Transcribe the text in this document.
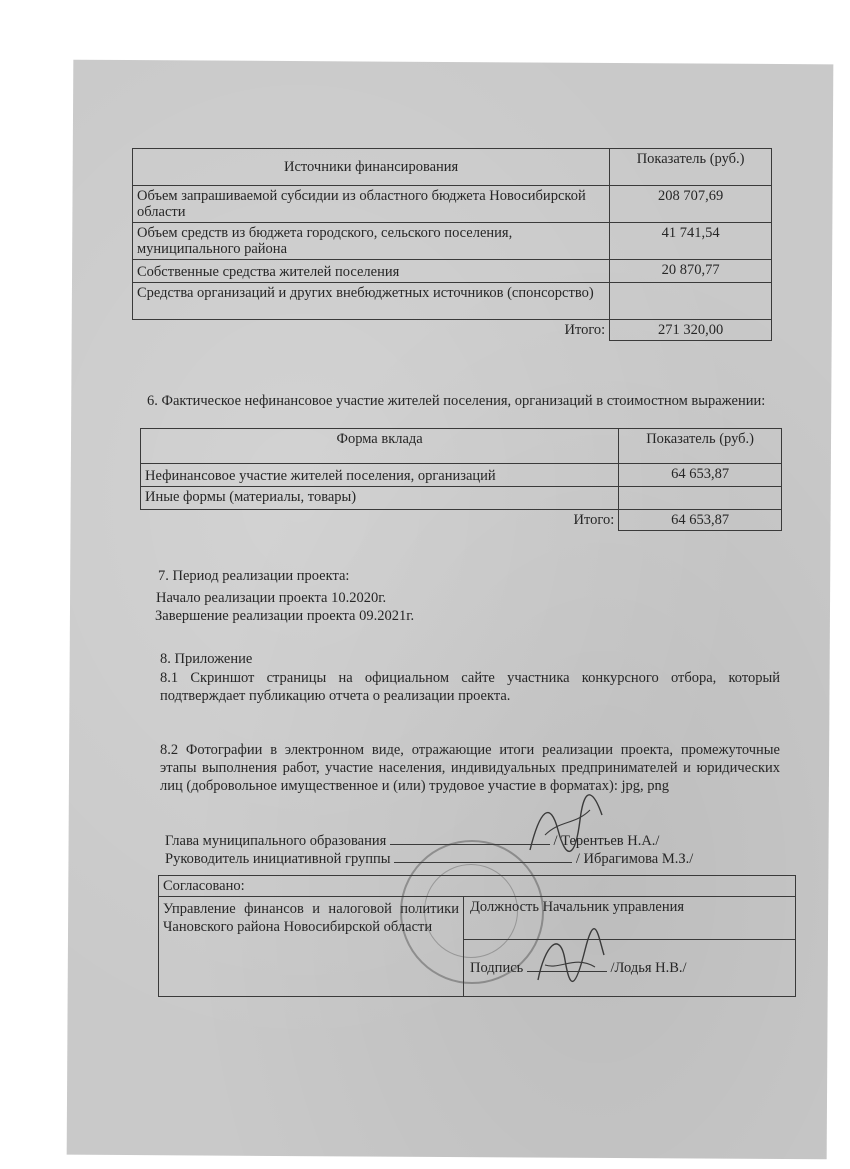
Источники финансирования	Показатель (руб.)
Объем запрашиваемой субсидии из областного бюджета Новосибирской области	208 707,69
Объем средств из бюджета городского, сельского поселения, муниципального района	41 741,54
Собственные средства жителей поселения	20 870,77
Средства организаций и других внебюджетных источников (спонсорство)	
Итого:	271 320,00
6. Фактическое нефинансовое участие жителей поселения, организаций в стоимостном выражении:
Форма вклада	Показатель (руб.)
Нефинансовое участие жителей поселения, организаций	64 653,87
Иные формы (материалы, товары)	
Итого:	64 653,87
7. Период реализации проекта:
Начало реализации проекта 10.2020г.
Завершение реализации проекта 09.2021г.
8. Приложение
8.1 Скриншот страницы на официальном сайте участника конкурсного отбора, который подтверждает публикацию отчета о реализации проекта.
8.2 Фотографии в электронном виде, отражающие итоги реализации проекта, промежуточные этапы выполнения работ, участие населения, индивидуальных предпринимателей и юридических лиц (добровольное имущественное и (или) трудовое участие в форматах): jpg, png
Глава муниципального образования	/ Терентьев Н.А./
Руководитель инициативной группы	/ Ибрагимова М.З./
Согласовано:
Управление финансов и налоговой политики Чановского района Новосибирской области
Должность Начальник управления
Подпись	/Лодья Н.В./
